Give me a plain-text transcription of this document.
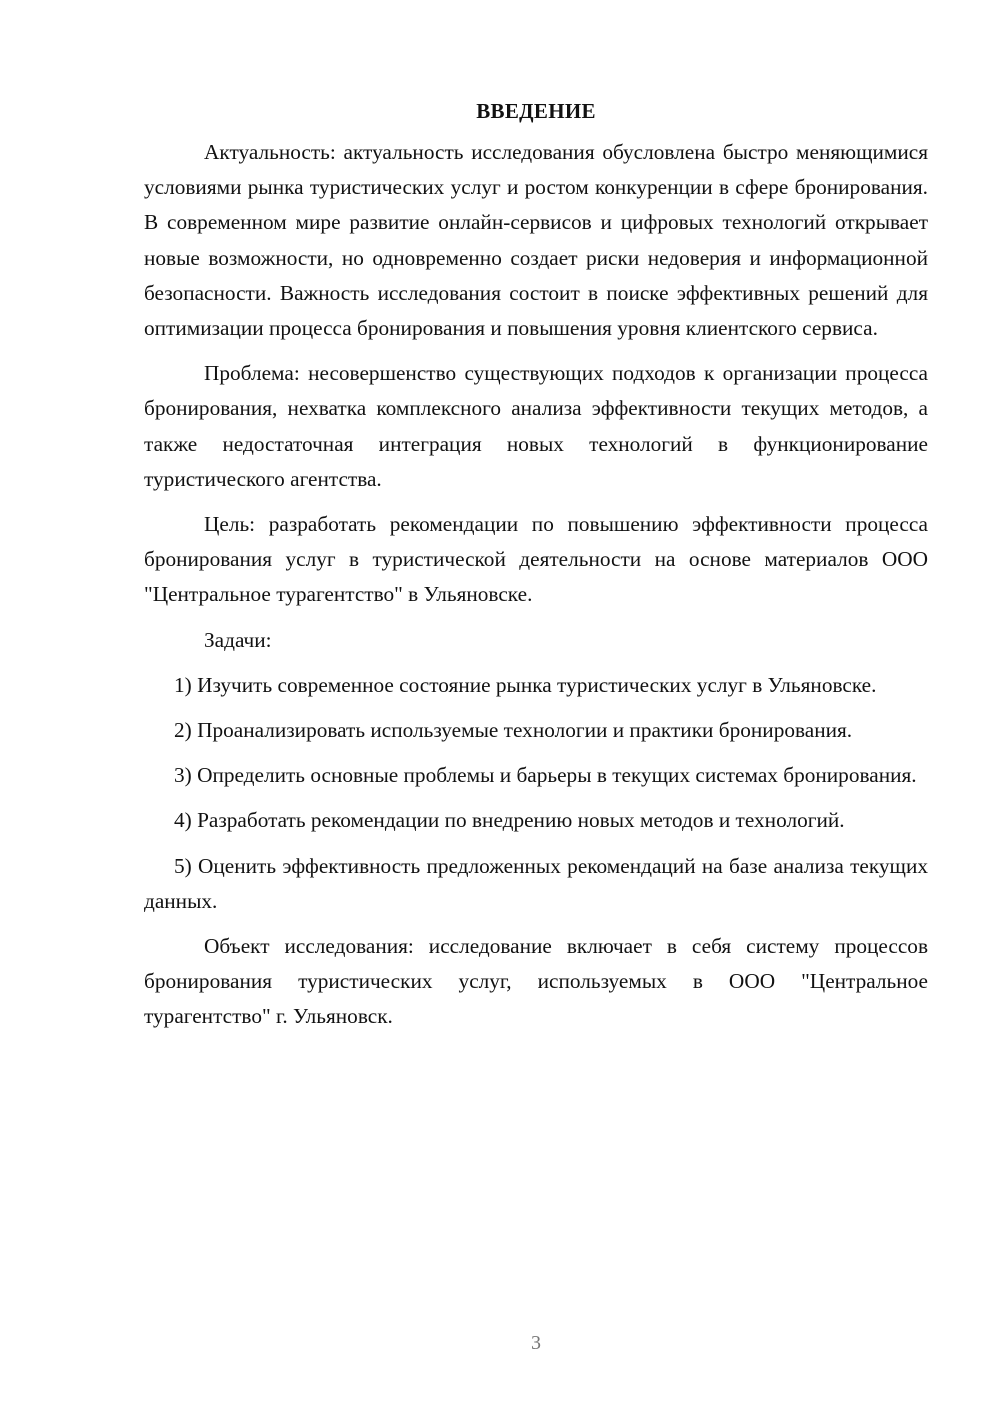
ВВЕДЕНИЕ

Актуальность: актуальность исследования обусловлена быстро меняющимися условиями рынка туристических услуг и ростом конкуренции в сфере бронирования. В современном мире развитие онлайн-сервисов и цифровых технологий открывает новые возможности, но одновременно создает риски недоверия и информационной безопасности. Важность исследования состоит в поиске эффективных решений для оптимизации процесса бронирования и повышения уровня клиентского сервиса.

Проблема: несовершенство существующих подходов к организации процесса бронирования, нехватка комплексного анализа эффективности текущих методов, а также недостаточная интеграция новых технологий в функционирование туристического агентства.

Цель: разработать рекомендации по повышению эффективности процесса бронирования услуг в туристической деятельности на основе материалов ООО "Центральное турагентство" в Ульяновске.

Задачи:

1) Изучить современное состояние рынка туристических услуг в Ульяновске.

2) Проанализировать используемые технологии и практики бронирования.

3) Определить основные проблемы и барьеры в текущих системах бронирования.

4) Разработать рекомендации по внедрению новых методов и технологий.

5) Оценить эффективность предложенных рекомендаций на базе анализа текущих данных.

Объект исследования: исследование включает в себя систему процессов бронирования туристических услуг, используемых в ООО "Центральное турагентство" г. Ульяновск.

3
